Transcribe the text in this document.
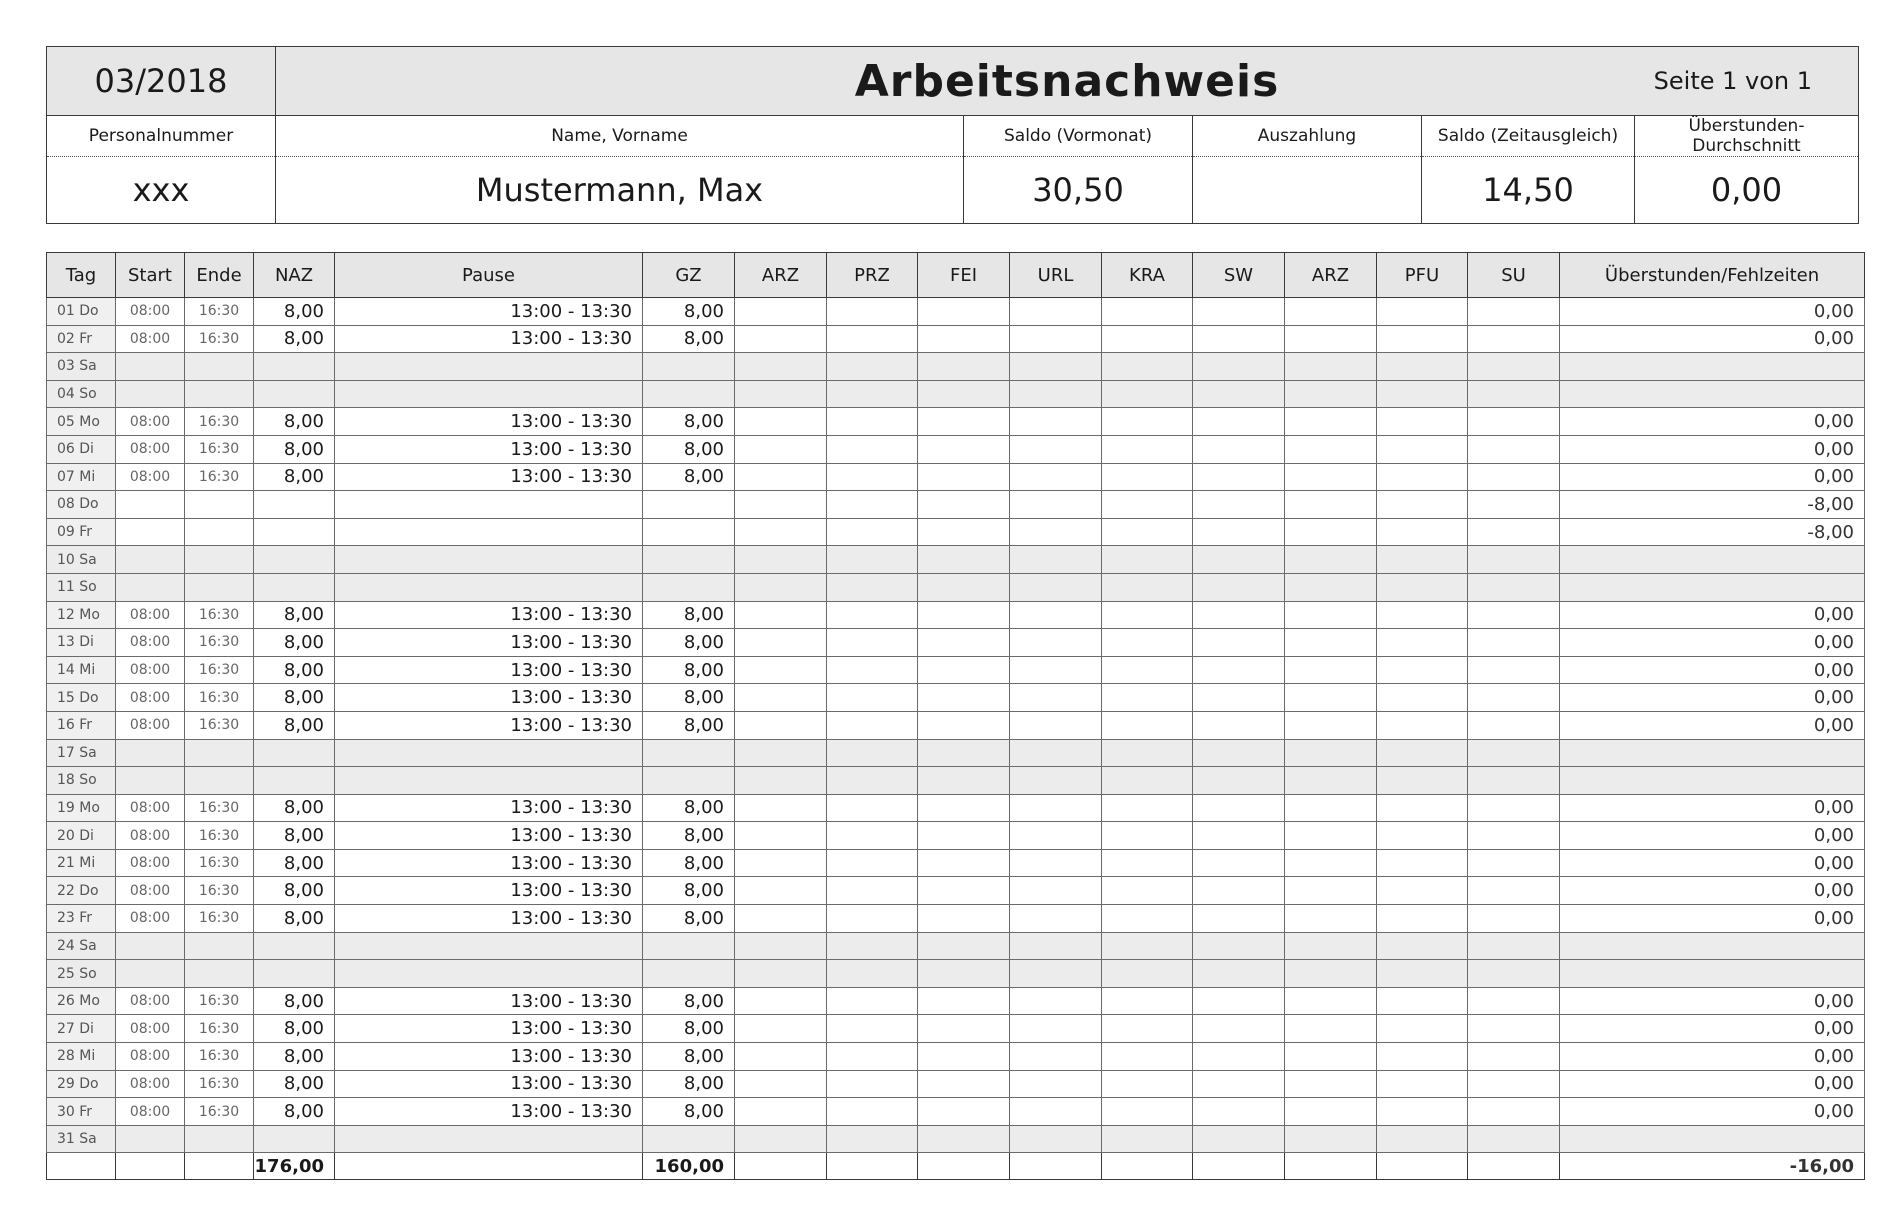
03/2018	Arbeitsnachweis Seite 1 von 1				

Personalnummer	Name, Vorname	Saldo (Vormonat)	Auszahlung	Saldo (Zeitausgleich)	Überstunden-Durchschnitt
xxx	Mustermann, Max	30,50		14,50	0,00
Tag	Start	Ende	NAZ	Pause	GZ	ARZ	PRZ	FEI	URL	KRA	SW	ARZ	PFU	SU	Überstunden/Fehlzeiten
01 Do	08:00	16:30	8,00	13:00 - 13:30	8,00										0,00
02 Fr	08:00	16:30	8,00	13:00 - 13:30	8,00										0,00
03 Sa															
04 So															
05 Mo	08:00	16:30	8,00	13:00 - 13:30	8,00										0,00
06 Di	08:00	16:30	8,00	13:00 - 13:30	8,00										0,00
07 Mi	08:00	16:30	8,00	13:00 - 13:30	8,00										0,00
08 Do															-8,00
09 Fr															-8,00
10 Sa															
11 So															
12 Mo	08:00	16:30	8,00	13:00 - 13:30	8,00										0,00
13 Di	08:00	16:30	8,00	13:00 - 13:30	8,00										0,00
14 Mi	08:00	16:30	8,00	13:00 - 13:30	8,00										0,00
15 Do	08:00	16:30	8,00	13:00 - 13:30	8,00										0,00
16 Fr	08:00	16:30	8,00	13:00 - 13:30	8,00										0,00
17 Sa															
18 So															
19 Mo	08:00	16:30	8,00	13:00 - 13:30	8,00										0,00
20 Di	08:00	16:30	8,00	13:00 - 13:30	8,00										0,00
21 Mi	08:00	16:30	8,00	13:00 - 13:30	8,00										0,00
22 Do	08:00	16:30	8,00	13:00 - 13:30	8,00										0,00
23 Fr	08:00	16:30	8,00	13:00 - 13:30	8,00										0,00
24 Sa															
25 So															
26 Mo	08:00	16:30	8,00	13:00 - 13:30	8,00										0,00
27 Di	08:00	16:30	8,00	13:00 - 13:30	8,00										0,00
28 Mi	08:00	16:30	8,00	13:00 - 13:30	8,00										0,00
29 Do	08:00	16:30	8,00	13:00 - 13:30	8,00										0,00
30 Fr	08:00	16:30	8,00	13:00 - 13:30	8,00										0,00
31 Sa															
			176,00		160,00										-16,00
